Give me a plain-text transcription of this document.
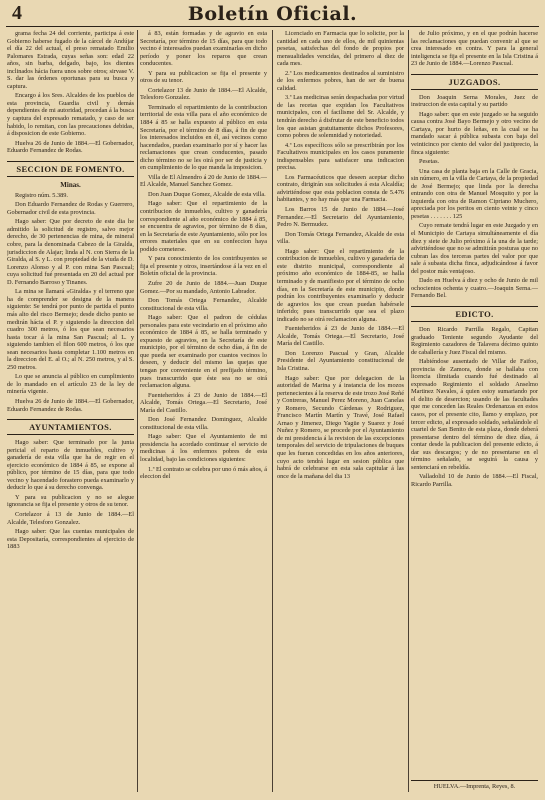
4	Boletín Oficial.

grama fecha 24 del corriente, participa á este Gobierno haberse fugado de la cárcel de Andújar el día 22 del actual, el preso rematado Emilio Palomares Estrada, cuyas señas son: edad 22 años, sin barba, delgado, bajo, los dientes inclinados hácia fuera unos sobre otros; sirvase V. S. dar las órdenes oportunas para su busca y captura.

Encargo á los Sres. Alcaldes de los pueblos de esta provincia, Guardia civil y demás dependientes de mi autoridad, procedan á la busca y captura del expresado rematado, y caso de ser habido, lo remitan, con las precauciones debidas, á disposicion de este Gobierno.

Huelva 26 de Junio de 1884.—El Gobernador, Eduardo Fernandez de Rodas.

SECCION DE FOMENTO.
Minas.

Registro núm. 5.389.

Don Eduardo Fernandez de Rodas y Guerrero, Gobernador civil de esta provincia.

Hago saber: Que por decreto de este dia he admitido la solicitud de registro, salvo mejor derecho, de 30 pertenencias de mina, de mineral cobre, para la denominada Cabezo de la Giralda, jurisdiccion de Alajar; linda al N. con Sierra de la Giralda, al S. y L. con propiedad de la viuda de D. Lorenzo Alonso y al P. con mina San Pascual; cuya solicitud fué presentada en 20 del actual por D. Fernando Barroso y Tinanes.

La mina se llamará «Giralda» y el terreno que ha de comprender se designa de la manera siguiente: Se tendrá por punto de partida el punto más alto del risco Bermejo; desde dicho punto se medirán hácia el P. y siguiendo la direccion del cuadro 300 metros, ó los que sean necesarios hasta tocar á la mina San Pascual; al L. y siguiendo tambien el filon 600 metros, ó los que sean necesarios hasta completar 1.100 metros en la direccion del E. al O.; al N. 250 metros, y al S. 250 metros.

Lo que se anuncia al público en cumplimiento de lo mandado en el artículo 23 de la ley de minería vigente.

Huelva 26 de Junio de 1884.—El Gobernador, Eduardo Fernandez de Rodas.

AYUNTAMIENTOS.

Hago saber: Que terminado por la junta pericial el reparto de inmuebles, cultivo y ganadería de esta villa que ha de regir en el ejercicio económico de 1884 á 85, se expone al público, por término de 15 días, para que todo vecino y hacendado forastero pueda examinarlo y deducir lo que á su derecho convenga.

Y para su publicacion y no se alegue ignorancia se fija el presente y otros de su tenor.

Cortelazor á 13 de Junio de 1884.—El Alcalde, Telesforo Gonzalez.

Hago saber: Que las cuentas municipales de esta Depositaría, correspondientes al ejercicio de 1883

á 83, están formadas y de agravio en esta Secretaría, por término de 15 días, para que todo vecino é interesados puedan examinarlas en dicho período y poner los reparos que crean conducentes.

Y para su publicacion se fija el presente y otros de su tenor.

Cortelazor 13 de Junio de 1884.—El Alcalde, Telesforo Gonzalez.

Terminado el repartimiento de la contribucion territorial de esta villa para el año económico de 1884 á 85 se halla expuesto al público en esta Secretaría, por el término de 8 días, á fin de que los interesados incluidos en él, así vecinos como hacendados, puedan examinarlo por sí y hacer las reclamaciones que crean conducentes, pasado dicho término no se les oirá por ser de justicia y en cumplimiento de lo que manda la imposicion.

Villa de El Almendro á 20 de Junio de 1884.—El Alcalde, Manuel Sanchez Gomez.

Don Juan Duque Gomez, Alcalde de esta villa.

Hago saber: Que el repartimiento de la contribucion de inmuebles, cultivo y ganadería correspondiente al año económico de 1884 á 85, se encuentra de agravios, por término de 8 días, en la Secretaría de este Ayuntamiento, sólo por los errores materiales que en su confeccion haya podido cometerse.

Y para conocimiento de los contribuyentes se fija el presente y otros, insertándose á la vez en el Boletín oficial de la provincia.

Zufre 20 de Junio de 1884.—Juan Duque Gomez.—Por su mandado, Antonio Labrador.

Don Tomás Ortega Fernandez, Alcalde constitucional de esta villa.

Hago saber: Que el padron de cédulas personales para este vecindario en el próximo año económico de 1884 á 85, se halla terminado y expuesto de agravios, en la Secretaría de este municipio, por el término de ocho días, á fin de que pueda ser examinado por cuantos vecinos lo deseen, y deducir del mismo las quejas que tengan por conveniente en el prefijado término, pues transcurrido que éste sea no se oirá reclamacion alguna.

Fuenteheridos á 23 de Junio de 1884.—El Alcalde, Tomás Ortega.—El Secretario, José María del Castillo.

Don José Fernandez Dominguez, Alcalde constitucional de esta villa.

Hago saber: Que el Ayuntamiento de mi presidencia ha acordado continuar el servicio de medicinas á los enfermos pobres de esta localidad, bajo las condiciones siguientes:

1.ª El contrato se celebra por uno ó más años, á eleccion del

Licenciado en Farmacia que lo solicite, por la cantidad en cada uno de ellos, de mil quinientas pesetas, satisfechas del fondo de propios por mensualidades vencidas, del primero al diez de cada mes.

2.ª Los medicamentos destinados al suministro de los enfermos pobres, han de ser de buena calidad.

3.ª Las medicinas serán despachadas por virtud de las recetas que expidan los Facultativos municipales, con el facilisme del Sr. Alcalde, y tendrán derecho á disfrutar de este beneficio todos los que asistan gratuitamente dichos Profesores, como pobres de solemnidad y notoriedad.

4.ª Los específicos sólo se prescribirán por los Facultativos municipales en los casos puramente indispensables para satisfacer una indicacion precisa.

Los Farmacéuticos que deseen aceptar dicho contrato, dirigirán sus solicitudes á esta Alcaldía; advirtiéndose que esta poblacion consta de 5.476 habitantes, y no hay más que una Farmacia.

Los Barros 15 de Junio de 1884.—José Fernandez.—El Secretario del Ayuntamiento, Pedro N. Bermudez.

Don Tomás Ortega Fernandez, Alcalde de esta villa.

Hago saber: Que el repartimiento de la contribucion de inmuebles, cultivo y ganadería de este distrito municipal, correspondiente al próximo año económico de 1884-85, se halla terminado y de manifiesto por el término de ocho días, en la Secretaría de este municipio, donde podrán los contribuyentes examinarlo y deducir de agravios los que crean puedan habérsele inferido; pues transcurrido que sea el plazo indicado no se oirá reclamacion alguna.

Fuenteheridos á 23 de Junio de 1884.—El Alcalde, Tomás Ortega.—El Secretario, José María del Castillo.

Don Lorenzo Pascual y Gran, Alcalde Presidente del Ayuntamiento constitucional de Isla Cristina.

Hago saber: Que por delegacion de la autoridad de Marina y á instancia de los mozos pertenecientes á la reserva de este trozo José Reñé y Contreras, Manuel Perez Moreno, Juan Canelas y Romero, Secundo Cárdenas y Rodriguez, Francisco Martín Martín y Travé, José Rafael Arnao y Jimenez, Diego Yagüe y Suarez y José Nuñez y Romero, se procede por el Ayuntamiento de mi presidencia á la revision de las excepciones temporales del servicio de tripulaciones de buques que les fueran concedidas en los años anteriores, cuyo acto tendrá lugar en sesion pública que habrá de celebrarse en esta sala capitular á las once de la mañana del dia 13

de Julio próximo, y en el que podrán hacerse las reclamaciones que puedan convenir al que se crea interesado en contra. Y para la general inteligencia se fija el presente en la Isla Cristina á 23 de Junio de 1884.—Lorenzo Pascual.

JUZGADOS.

Don Joaquin Serna Morales, Juez de instruccion de esta capital y su partido

Hago saber: que en este juzgado se ha seguido causa contra José Bayo Bermejo y otro vecino de Cartaya, por hurto de leñas, en la cual se ha mandado sacar á pública subasta con baja del veinticinco por ciento del valor del justiprecio, la finca siguiente:

Pesetas.

Una casa de planta baja en la Calle de Gracia, sin número, en la villa de Cartaya, de la propiedad de José Bermejo; que linda por la derecha entrando con otra de Manuel Mosquito y por la izquierda con otra de Ramon Cipriano Muchero, apreciada por los peritos en ciento veinte y cinco pesetas . . . . . . . 125

Cuyo remate tendrá lugar en este Juzgado y en el Municipio de Cartaya simultáneamente el día diez y siete de Julio próximo á la una de la tarde; advirtiéndose que no se admitirán posturas que no cubran las dos terceras partes del valor por que sale á subasta dicha finca, adjudicándose á favor del postor más ventajoso.

Dado en Huelva á diez y ocho de Junio de mil ochocientos ochenta y cuatro.—Joaquin Serna.—Fernando Bel.

EDICTO.

Don Ricardo Parrilla Regalo, Capitan graduado Teniente segundo Ayudante del Regimiento cazadores de Talavera décimo quinto de caballería y Juez Fiscal del mismo.

Habiéndose ausentado de Villar de Faifoo, provincia de Zamora, donde se hallaba con licencia ilimitada cuando fué destinado al expresado Regimiento el soldado Anselmo Martinez Navales, á quien estoy sumariando por el delito de desercion; usando de las facultades que me conceden las Reales Ordenanzas en estos casos, por el presente cito, llamo y emplazo, por tercer edicto, al expresado soldado, señalándole el cuartel de San Benito de esta plaza, donde deberá presentarse dentro del término de diez días, á contar desde la publicacion del presente edicto, á dar sus descargos; y de no presentarse en el término señalado, se seguirá la causa y sentenciará en rebeldía.

Valladolid 10 de Junio de 1884.—El Fiscal, Ricardo Parrilla.

HUELVA.—Imprenta, Reyes, 8.
